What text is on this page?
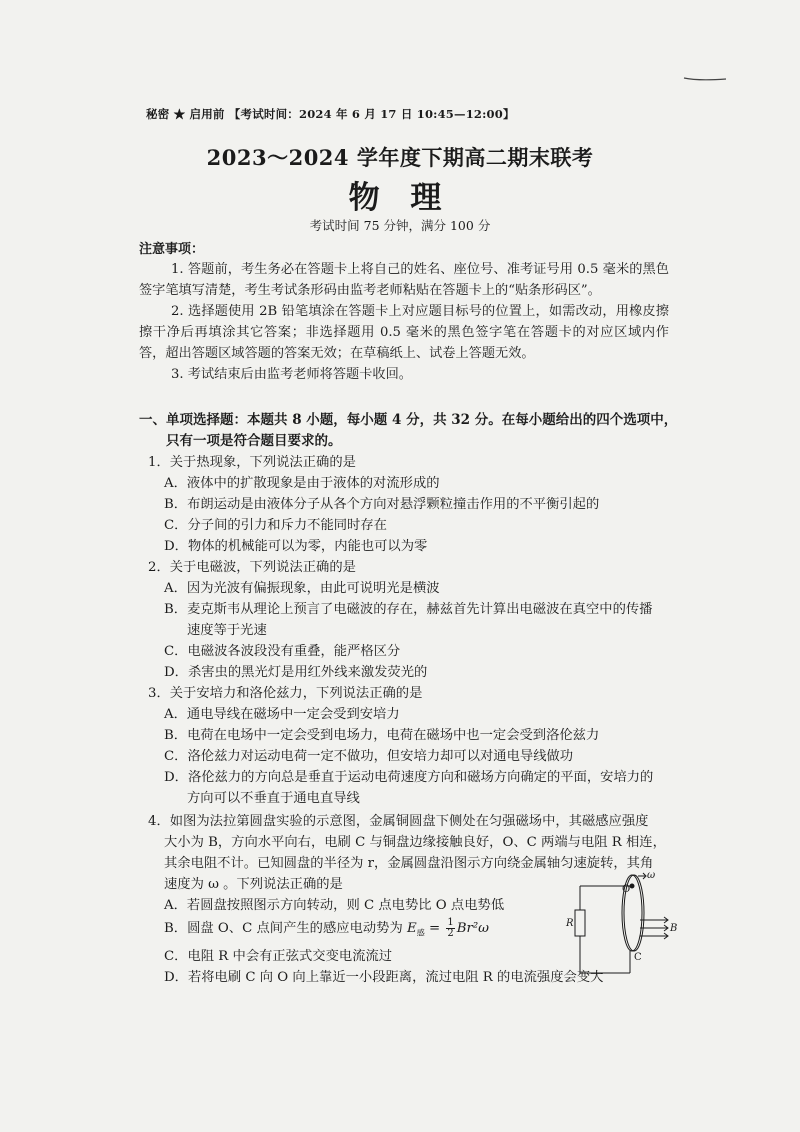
秘密 ★ 启用前 【考试时间：2024 年 6 月 17 日 10:45—12:00】
2023～2024 学年度下期高二期末联考
物 理
考试时间 75 分钟，满分 100 分
注意事项：
1. 答题前，考生务必在答题卡上将自己的姓名、座位号、准考证号用 0.5 毫米的黑色签字笔填写清楚，考生考试条形码由监考老师粘贴在答题卡上的“贴条形码区”。
2. 选择题使用 2B 铅笔填涂在答题卡上对应题目标号的位置上，如需改动，用橡皮擦擦干净后再填涂其它答案；非选择题用 0.5 毫米的黑色签字笔在答题卡的对应区域内作答，超出答题区域答题的答案无效；在草稿纸上、试卷上答题无效。
3. 考试结束后由监考老师将答题卡收回。
一、单项选择题：本题共 8 小题，每小题 4 分，共 32 分。在每小题给出的四个选项中，
只有一项是符合题目要求的。
1．关于热现象，下列说法正确的是
A．液体中的扩散现象是由于液体的对流形成的
B．布朗运动是由液体分子从各个方向对悬浮颗粒撞击作用的不平衡引起的
C．分子间的引力和斥力不能同时存在
D．物体的机械能可以为零，内能也可以为零
2．关于电磁波，下列说法正确的是
A．因为光波有偏振现象，由此可说明光是横波
B．麦克斯韦从理论上预言了电磁波的存在，赫兹首先计算出电磁波在真空中的传播
速度等于光速
C．电磁波各波段没有重叠，能严格区分
D．杀害虫的黑光灯是用红外线来激发荧光的
3．关于安培力和洛伦兹力，下列说法正确的是
A．通电导线在磁场中一定会受到安培力
B．电荷在电场中一定会受到电场力，电荷在磁场中也一定会受到洛伦兹力
C．洛伦兹力对运动电荷一定不做功，但安培力却可以对通电导线做功
D．洛伦兹力的方向总是垂直于运动电荷速度方向和磁场方向确定的平面，安培力的
方向可以不垂直于通电直导线
4．如图为法拉第圆盘实验的示意图，金属铜圆盘下侧处在匀强磁场中，其磁感应强度
大小为 B，方向水平向右，电刷 C 与铜盘边缘接触良好，O、C 两端与电阻 R 相连，
其余电阻不计。已知圆盘的半径为 r，金属圆盘沿图示方向绕金属轴匀速旋转，其角
速度为 ω 。下列说法正确的是
A．若圆盘按照图示方向转动，则 C 点电势比 O 点电势低
B．圆盘 O、C 点间产生的感应电动势为 $E_感 = \frac{1}{2} Br^2\omega$
C．电阻 R 中会有正弦式交变电流流过
D．若将电刷 C 向 O 向上靠近一小段距离，流过电阻 R 的电流强度会变大
O
ω
B
C
R
